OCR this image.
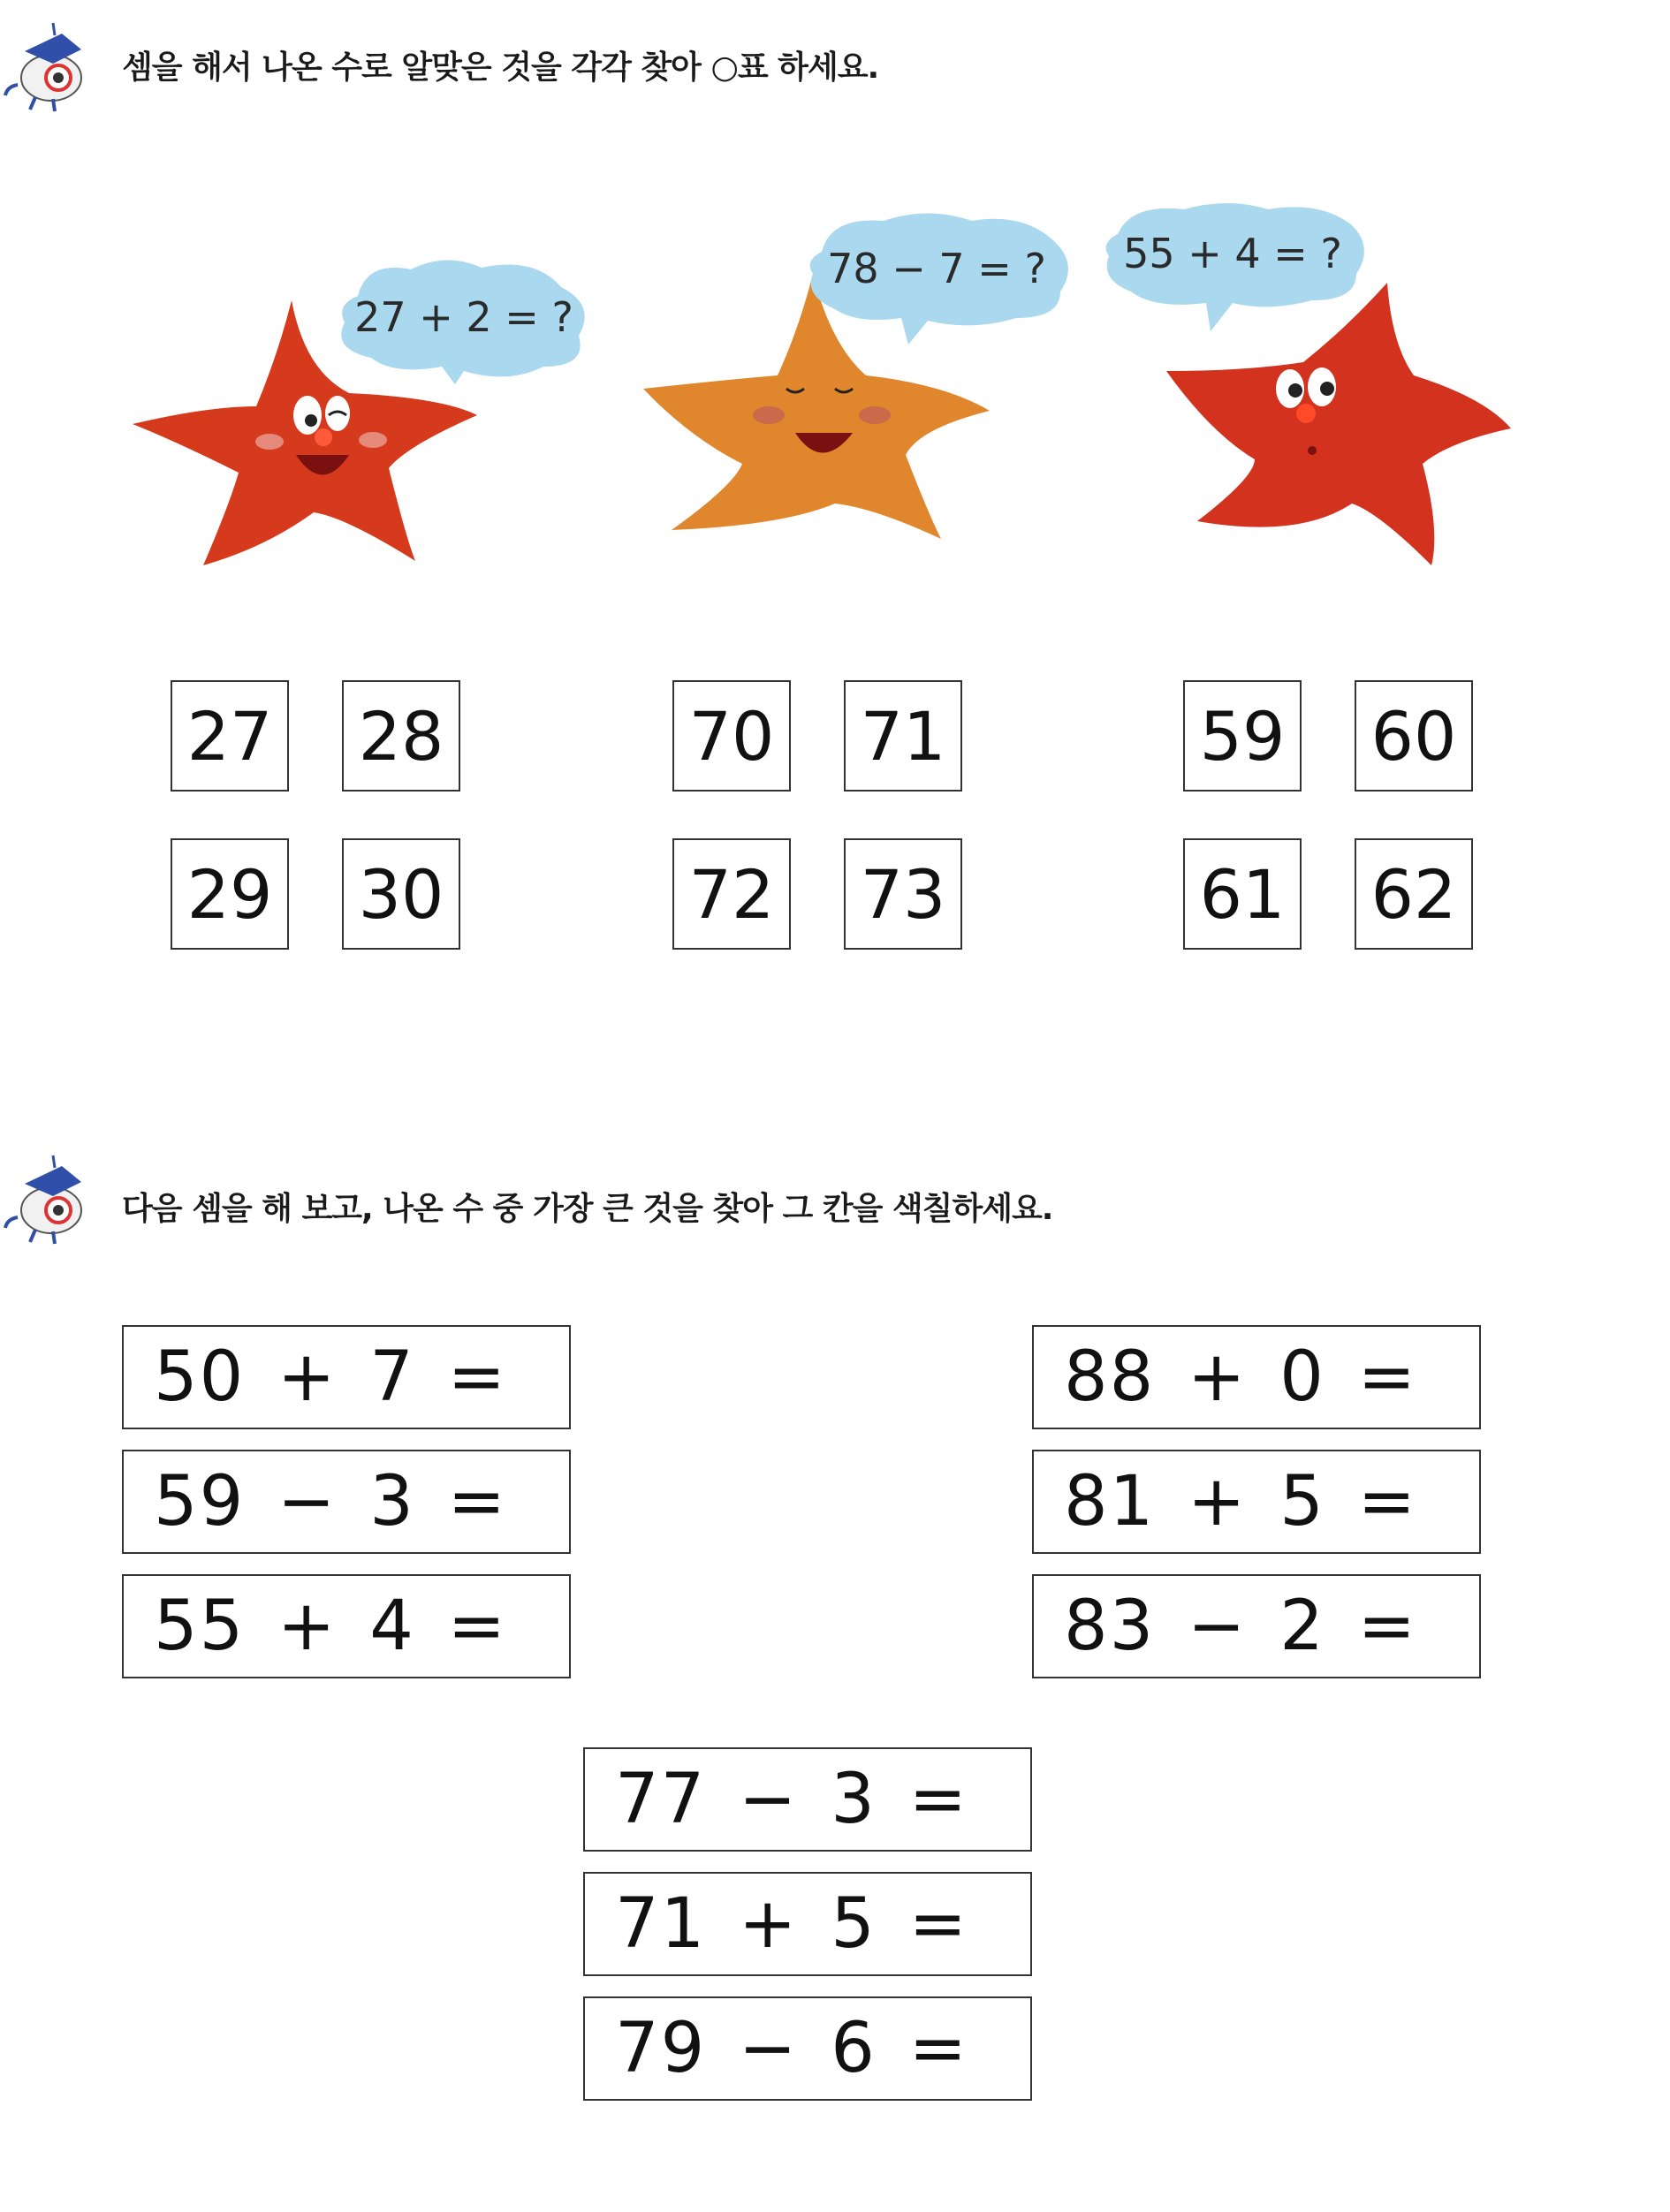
셈을 해서 나온 수로 알맞은 것을 각각 찾아 ○표 하세요.
27 + 2 = ?
78 − 7 = ? 55 + 4 = ?
27 28
29 30
70 71
72 73
59 60
61 62
다음 셈을 해 보고, 나온 수 중 가장 큰 것을 찾아 그 칸을 색칠하세요.
50 + 7 =
59 − 3 =
55 + 4 =
88 + 0 =
81 + 5 =
83 − 2 =
77 − 3 =
71 + 5 =
79 − 6 =
